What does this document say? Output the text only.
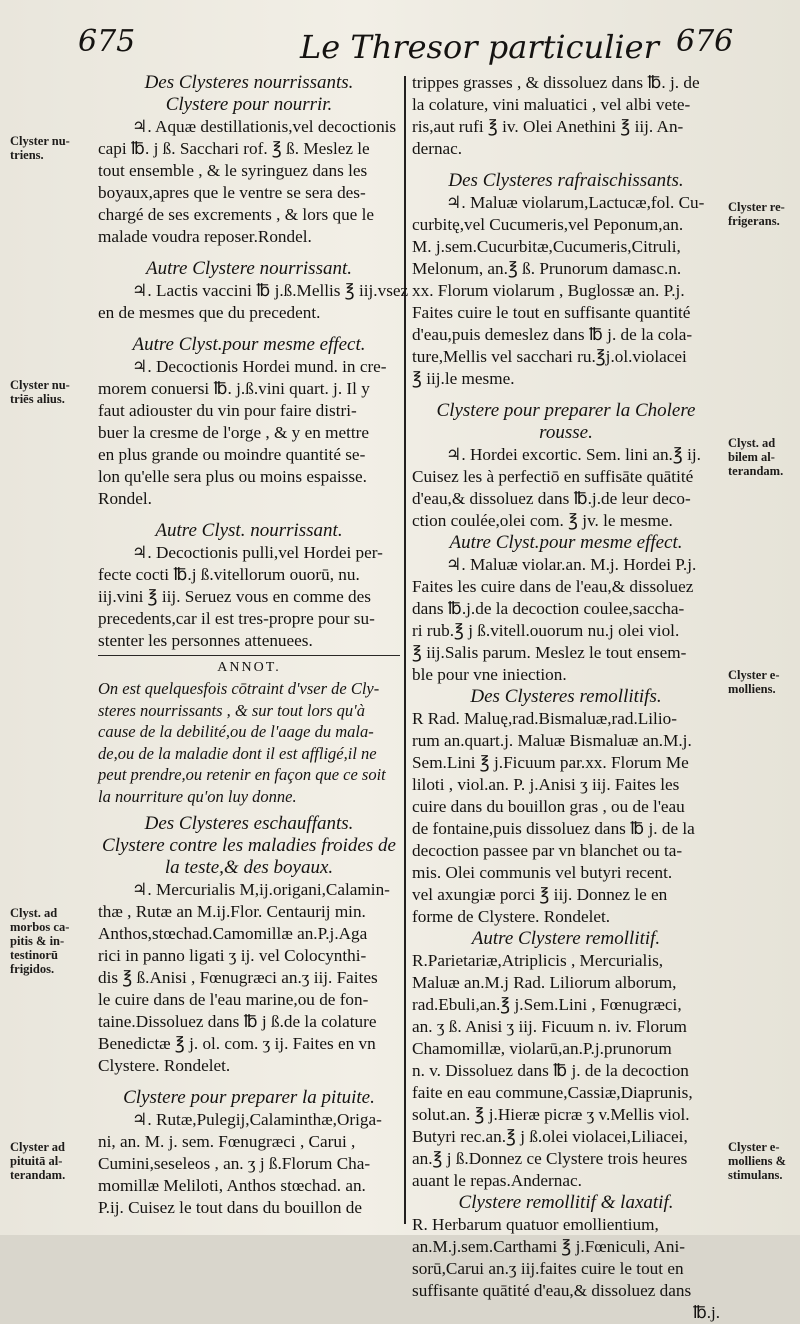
675	Le Thresor particulier 676

Des Clysteres nourrissants.

Clystere pour nourrir.

♃. Aquæ destillationis,vel decoctionis
capi ℔. j ß. Sacchari rof. ℥ ß. Meslez le
tout ensemble , & le syringuez dans les
boyaux,apres que le ventre se sera des-
chargé de ses excrements , & lors que le
malade voudra reposer.Rondel.

Autre Clystere nourrissant.

♃. Lactis vaccini ℔ j.ß.Mellis ℥ iij.vsez
en de mesmes que du precedent.

Autre Clyst.pour mesme effect.

♃. Decoctionis Hordei mund. in cre-
morem conuersi ℔. j.ß.vini quart. j. Il y
faut adiouster du vin pour faire distri-
buer la cresme de l'orge , & y en mettre
en plus grande ou moindre quantité se-
lon qu'elle sera plus ou moins espaisse.
Rondel.

Autre Clyst. nourrissant.

♃. Decoctionis pulli,vel Hordei per-
fecte cocti ℔.j ß.vitellorum ouorū, nu.
iij.vini ℥ iij. Seruez vous en comme des
precedents,car il est tres-propre pour su-
stenter les personnes attenuees.
ANNOT.
On est quelquesfois cōtraint d'vser de Cly-
steres nourrissants , & sur tout lors qu'à
cause de la debilité,ou de l'aage du mala-
de,ou de la maladie dont il est affligé,il ne
peut prendre,ou retenir en façon que ce soit
la nourriture qu'on luy donne.

Des Clysteres eschauffants.

Clystere contre les maladies froides de

la teste,& des boyaux.

♃. Mercurialis M,ij.origani,Calamin-
thæ , Rutæ an M.ij.Flor. Centaurij min.
Anthos,stœchad.Camomillæ an.P.j.Aga
rici in panno ligati ʒ ij. vel Colocynthi-
dis ℥ ß.Anisi , Fœnugræci an.ʒ iij. Faites
le cuire dans de l'eau marine,ou de fon-
taine.Dissoluez dans ℔ j ß.de la colature
Benedictæ ℥ j. ol. com. ʒ ij. Faites en vn
Clystere. Rondelet.

Clystere pour preparer la pituite.

♃. Rutæ,Pulegij,Calaminthæ,Origa-
ni, an. M. j. sem. Fœnugræci , Carui ,
Cumini,seseleos , an. ʒ j ß.Florum Cha-
momillæ Meliloti, Anthos stœchad. an.
P.ij. Cuisez le tout dans du bouillon de
trippes grasses , & dissoluez dans ℔. j. de
la colature, vini maluatici , vel albi vete-
ris,aut rufi ℥ iv. Olei Anethini ℥ iij. An-
dernac.

Des Clysteres rafraischissants.

♃. Maluæ violarum,Lactucæ,fol. Cu-
curbitę,vel Cucumeris,vel Peponum,an.
M. j.sem.Cucurbitæ,Cucumeris,Citruli,
Melonum, an.℥ ß. Prunorum damasc.n.
xx. Florum violarum , Buglossæ an. P.j.
Faites cuire le tout en suffisante quantité
d'eau,puis demeslez dans ℔ j. de la cola-
ture,Mellis vel sacchari ru.℥j.ol.violacei
℥ iij.le mesme.

Clystere pour preparer la Cholere

rousse.

♃. Hordei excortic. Sem. lini an.℥ ij.
Cuisez les à perfectiō en suffisāte quātité
d'eau,& dissoluez dans ℔.j.de leur deco-
ction coulée,olei com. ℥ jv. le mesme.

Autre Clyst.pour mesme effect.

♃. Maluæ violar.an. M.j. Hordei P.j.
Faites les cuire dans de l'eau,& dissoluez
dans ℔.j.de la decoction coulee,saccha-
ri rub.℥ j ß.vitell.ouorum nu.j olei viol.
℥ iij.Salis parum. Meslez le tout ensem-
ble pour vne iniection.

Des Clysteres remollitifs.

R Rad. Maluę,rad.Bismaluæ,rad.Lilio-
rum an.quart.j. Maluæ Bismaluæ an.M.j.
Sem.Lini ℥ j.Ficuum par.xx. Florum Me
liloti , viol.an. P. j.Anisi ʒ iij. Faites les
cuire dans du bouillon gras , ou de l'eau
de fontaine,puis dissoluez dans ℔ j. de la
decoction passee par vn blanchet ou ta-
mis. Olei communis vel butyri recent.
vel axungiæ porci ℥ iij. Donnez le en
forme de Clystere. Rondelet.

Autre Clystere remollitif.

R.Parietariæ,Atriplicis , Mercurialis,
Maluæ an.M.j Rad. Liliorum alborum,
rad.Ebuli,an.℥ j.Sem.Lini , Fœnugræci,
an. ʒ ß. Anisi ʒ iij. Ficuum n. iv. Florum
Chamomillæ, violarū,an.P.j.prunorum
n. v. Dissoluez dans ℔ j. de la decoction
faite en eau commune,Cassiæ,Diaprunis,
solut.an. ℥ j.Hieræ picræ ʒ v.Mellis viol.
Butyri rec.an.℥ j ß.olei violacei,Liliacei,
an.℥ j ß.Donnez ce Clystere trois heures
auant le repas.Andernac.

Clystere remollitif & laxatif.

R. Herbarum quatuor emollientium,
an.M.j.sem.Carthami ℥ j.Fœniculi, Ani-
sorū,Carui an.ʒ iij.faites cuire le tout en
suffisante quātité d'eau,& dissoluez dans
℔.j.
Clyster nu-
triens.
Clyster nu-
triēs alius.
Clyst. ad
morbos ca-
pitis & in-
testinorū
frigidos.
Clyster ad
pituitā al-
terandam.
Clyster re-
frigerans.
Clyst. ad
bilem al-
terandam.
Clyster e-
molliens.
Clyster e-
molliens &
stimulans.
